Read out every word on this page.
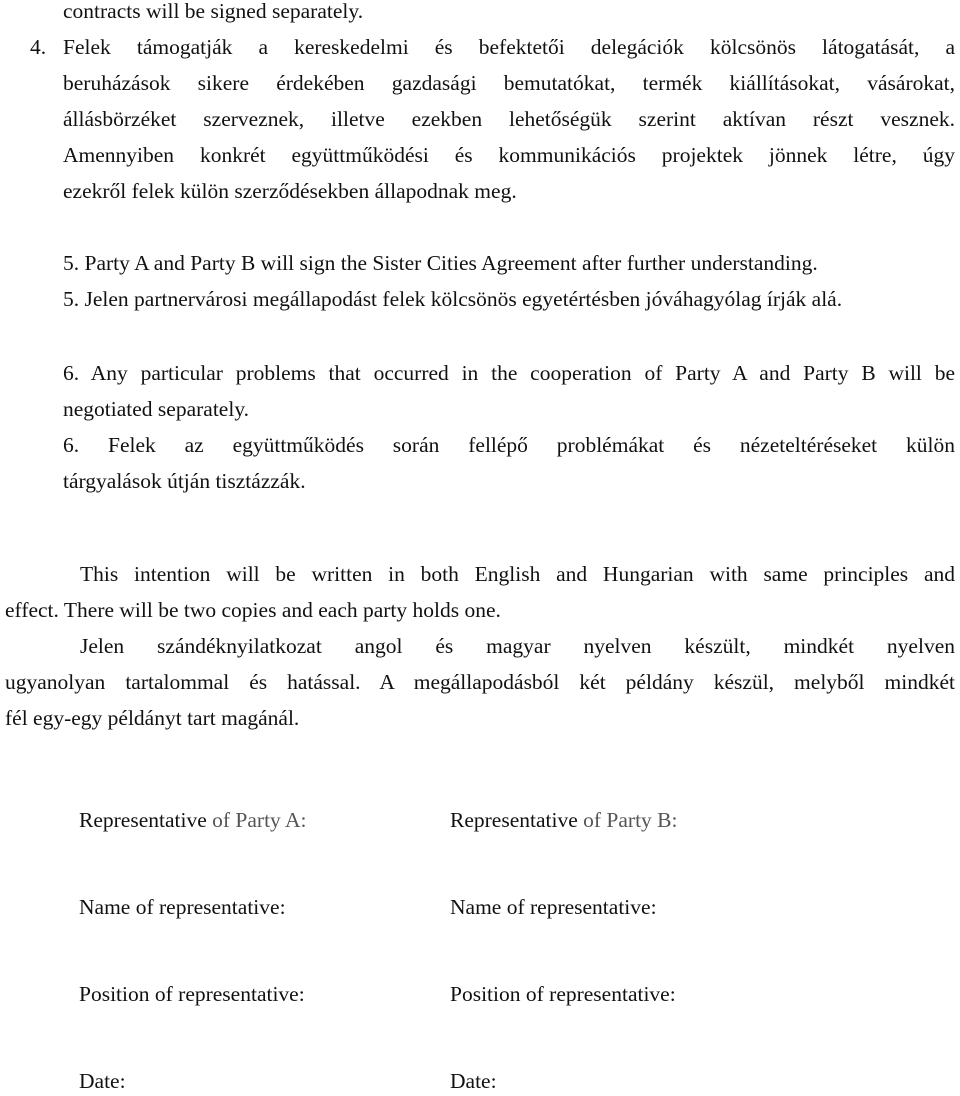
contracts will be signed separately.
4. Felek támogatják a kereskedelmi és befektetői delegációk kölcsönös látogatását, a
beruházások sikere érdekében gazdasági bemutatókat, termék kiállításokat, vásárokat,
állásbörzéket szerveznek, illetve ezekben lehetőségük szerint aktívan részt vesznek.
Amennyiben konkrét együttműködési és kommunikációs projektek jönnek létre, úgy
ezekről felek külön szerződésekben állapodnak meg.
5. Party A and Party B will sign the Sister Cities Agreement after further understanding.
5. Jelen partnervárosi megállapodást felek kölcsönös egyetértésben jóváhagyólag írják alá.
6. Any particular problems that occurred in the cooperation of Party A and Party B will be
negotiated separately.
6. Felek az együttműködés során fellépő problémákat és nézeteltéréseket külön
tárgyalások útján tisztázzák.
This intention will be written in both English and Hungarian with same principles and
effect. There will be two copies and each party holds one.
Jelen szándéknyilatkozat angol és magyar nyelven készült, mindkét nyelven
ugyanolyan tartalommal és hatással. A megállapodásból két példány készül, melyből mindkét
fél egy-egy példányt tart magánál.
Representative of Party A:
Name of representative:
Position of representative:
Date:
Representative of Party B:
Name of representative:
Position of representative:
Date:
